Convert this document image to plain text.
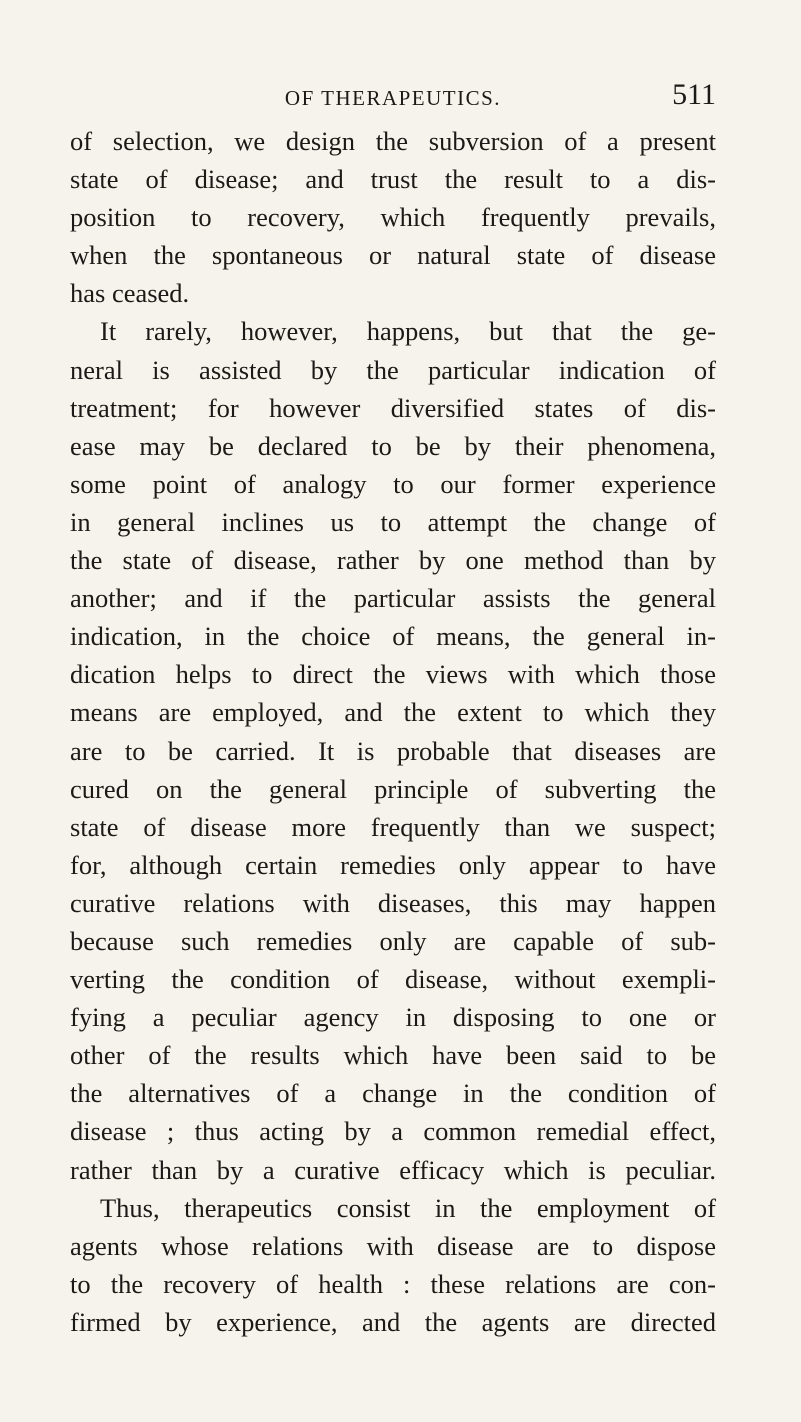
OF THERAPEUTICS.	511
of selection, we design the subversion of a present
state of disease; and trust the result to a dis-
position to recovery, which frequently prevails,
when the spontaneous or natural state of disease
has ceased.
It rarely, however, happens, but that the ge-
neral is assisted by the particular indication of
treatment; for however diversified states of dis-
ease may be declared to be by their phenomena,
some point of analogy to our former experience
in general inclines us to attempt the change of
the state of disease, rather by one method than by
another; and if the particular assists the general
indication, in the choice of means, the general in-
dication helps to direct the views with which those
means are employed, and the extent to which they
are to be carried. It is probable that diseases are
cured on the general principle of subverting the
state of disease more frequently than we suspect;
for, although certain remedies only appear to have
curative relations with diseases, this may happen
because such remedies only are capable of sub-
verting the condition of disease, without exempli-
fying a peculiar agency in disposing to one or
other of the results which have been said to be
the alternatives of a change in the condition of
disease ; thus acting by a common remedial effect,
rather than by a curative efficacy which is peculiar.
Thus, therapeutics consist in the employment of
agents whose relations with disease are to dispose
to the recovery of health : these relations are con-
firmed by experience, and the agents are directed
